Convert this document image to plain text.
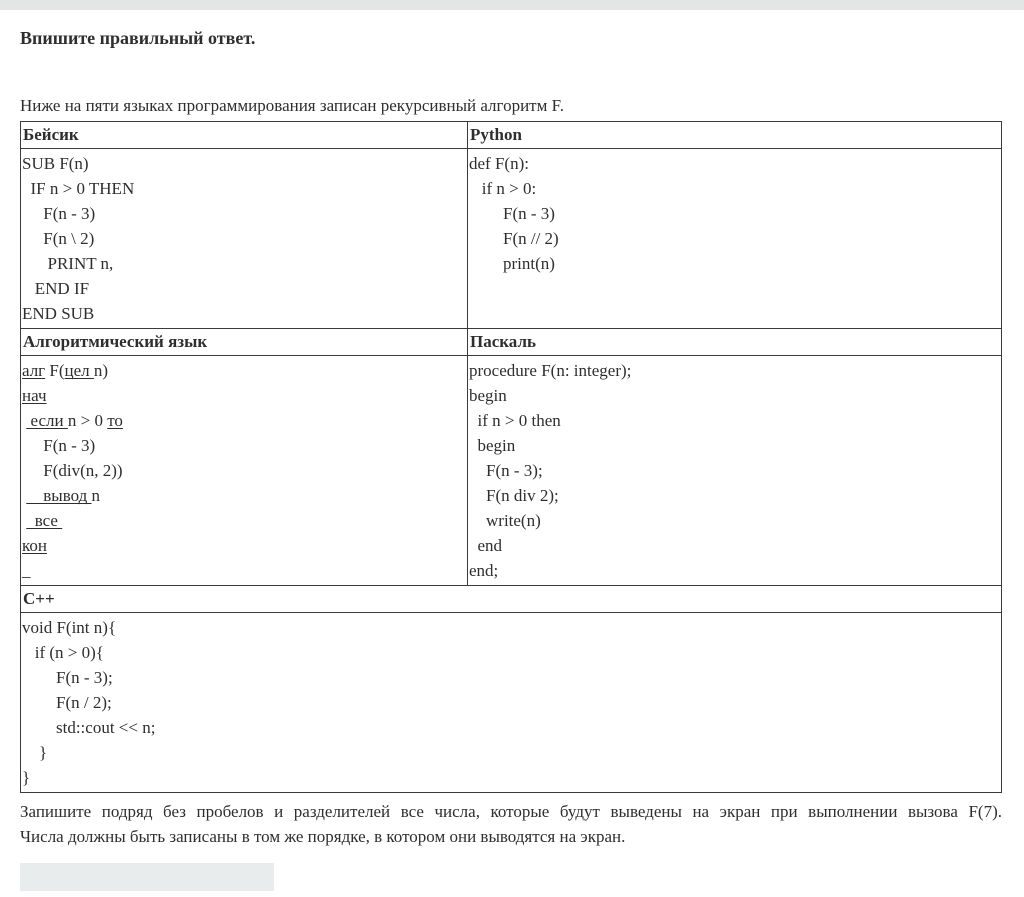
Впишите правильный ответ.
Ниже на пяти языках программирования записан рекурсивный алгоритм F.
Бейсик	Python

SUB F(n)
IF n > 0 THEN
F(n - 3)
F(n \ 2)
PRINT n,
END IF
END SUB

def F(n):
if n > 0:
F(n - 3)
F(n // 2)
print(n)

Алгоритмический язык	Паскаль

алг F(цел n)
нач
если n > 0 то
F(n - 3)
F(div(n, 2))
вывод n
все
кон
_

procedure F(n: integer);
begin
if n > 0 then
begin
F(n - 3);
F(n div 2);
write(n)
end
end;

C++	

void F(int n){
if (n > 0){
F(n - 3);
F(n / 2);
std::cout << n;
}
}
Запишите подряд без пробелов и разделителей все числа, которые будут выведены на экран при выполнении вызова F(7).
Числа должны быть записаны в том же порядке, в котором они выводятся на экран.
